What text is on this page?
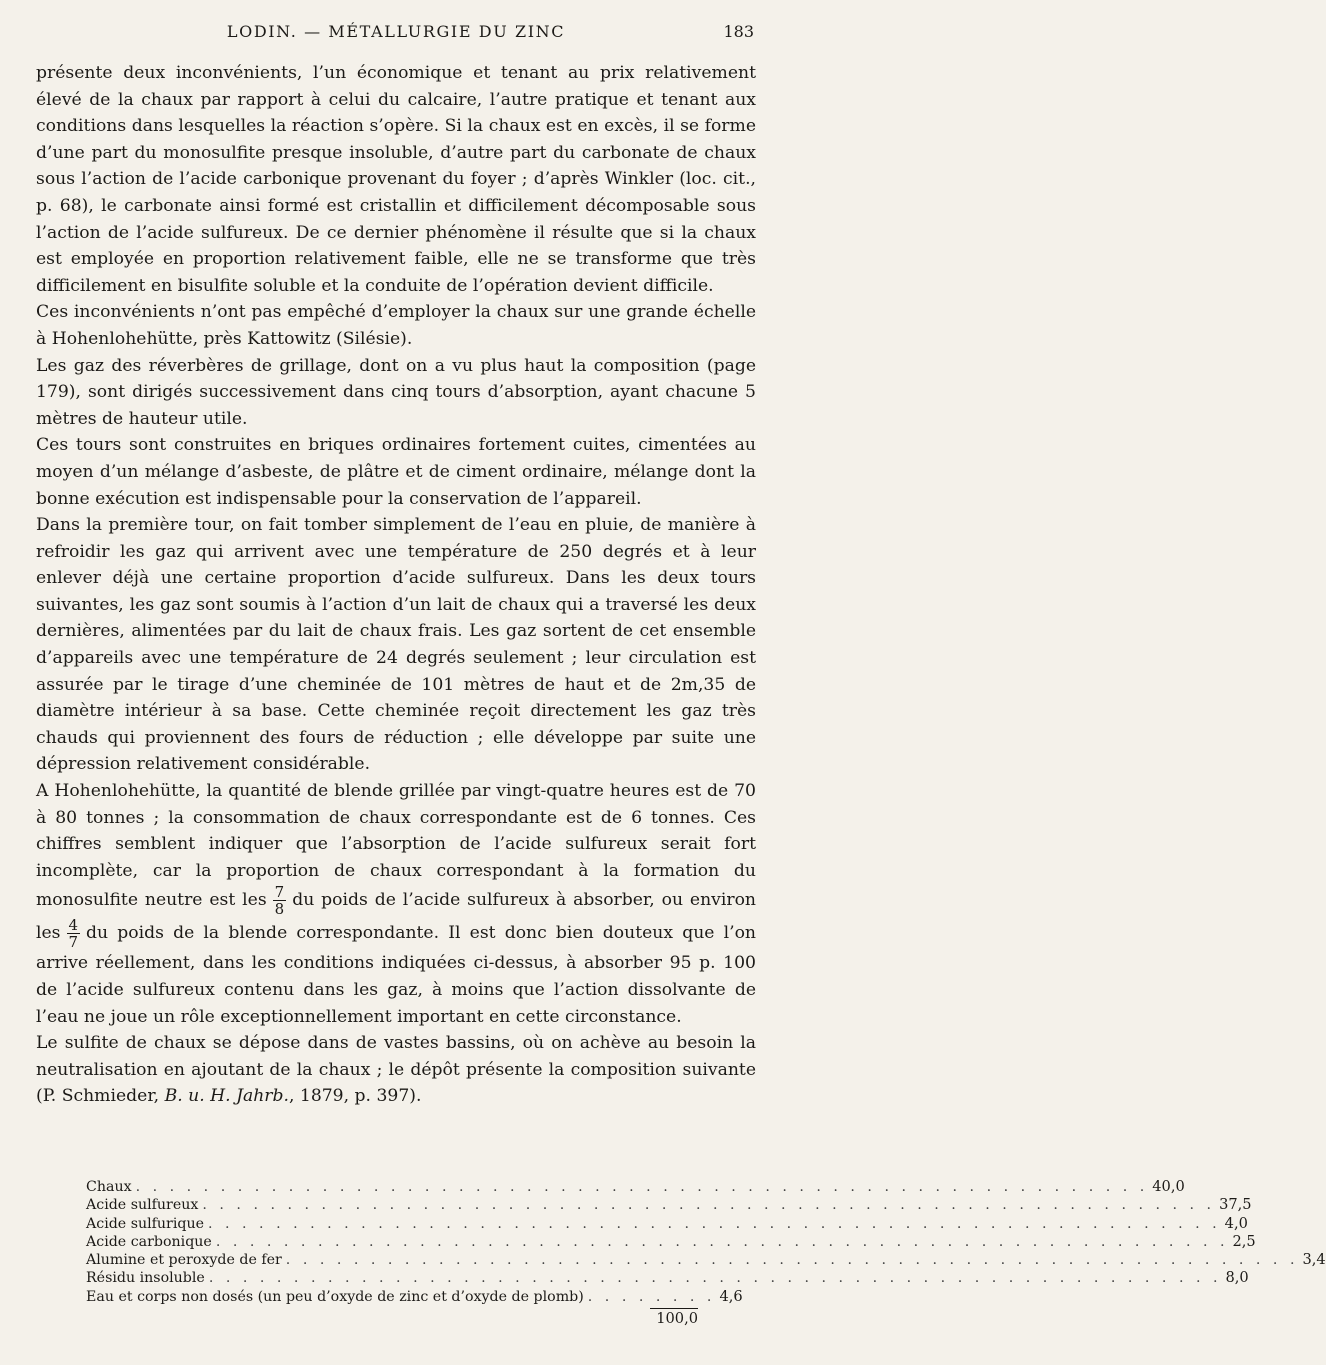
LODIN. — MÉTALLURGIE DU ZINC	183

présente deux inconvénients, l’un économique et tenant au prix relativement élevé de la chaux par rapport à celui du calcaire, l’autre pratique et tenant aux conditions dans lesquelles la réaction s’opère. Si la chaux est en excès, il se forme d’une part du monosulfite presque insoluble, d’autre part du carbonate de chaux sous l’action de l’acide carbonique provenant du foyer ; d’après Winkler (loc. cit., p. 68), le carbonate ainsi formé est cristallin et difficilement décomposable sous l’action de l’acide sulfureux. De ce dernier phénomène il résulte que si la chaux est employée en proportion relativement faible, elle ne se transforme que très difficilement en bisulfite soluble et la conduite de l’opération devient difficile.

Ces inconvénients n’ont pas empêché d’employer la chaux sur une grande échelle à Hohenlohehütte, près Kattowitz (Silésie).

Les gaz des réverbères de grillage, dont on a vu plus haut la composition (page 179), sont dirigés successivement dans cinq tours d’absorption, ayant chacune 5 mètres de hauteur utile.

Ces tours sont construites en briques ordinaires fortement cuites, cimentées au moyen d’un mélange d’asbeste, de plâtre et de ciment ordinaire, mélange dont la bonne exécution est indispensable pour la conservation de l’appareil.

Dans la première tour, on fait tomber simplement de l’eau en pluie, de manière à refroidir les gaz qui arrivent avec une température de 250 degrés et à leur enlever déjà une certaine proportion d’acide sulfureux. Dans les deux tours suivantes, les gaz sont soumis à l’action d’un lait de chaux qui a traversé les deux dernières, alimentées par du lait de chaux frais. Les gaz sortent de cet ensemble d’appareils avec une température de 24 degrés seulement ; leur circulation est assurée par le tirage d’une cheminée de 101 mètres de haut et de 2m,35 de diamètre intérieur à sa base. Cette cheminée reçoit directement les gaz très chauds qui proviennent des fours de réduction ; elle développe par suite une dépression relativement considérable.

A Hohenlohehütte, la quantité de blende grillée par vingt-quatre heures est de 70 à 80 tonnes ; la consommation de chaux correspondante est de 6 tonnes. Ces chiffres semblent indiquer que l’absorption de l’acide sulfureux serait fort incomplète, car la proportion de chaux correspondant à la formation du monosulfite neutre est les $\frac{7}{8}$ du poids de l’acide sulfureux à absorber, ou environ les $\frac{4}{7}$ du poids de la blende correspondante. Il est donc bien douteux que l’on arrive réellement, dans les conditions indiquées ci-dessus, à absorber 95 p. 100 de l’acide sulfureux contenu dans les gaz, à moins que l’action dissolvante de l’eau ne joue un rôle exceptionnellement important en cette circonstance.

Le sulfite de chaux se dépose dans de vastes bassins, où on achève au besoin la neutralisation en ajoutant de la chaux ; le dépôt présente la composition suivante (P. Schmieder, B. u. H. Jahrb., 1879, p. 397).

Chaux . . . . . . . . . . . . . . . . . . . . . . . . . . . . . . . . . . . . . . . . . . . . . . . . . . . . . . . . . . . . 40,0
Acide sulfureux . . . . . . . . . . . . . . . . . . . . . . . . . . . . . . . . . . . . . . . . . . . . . . . . . . . . . . . . . . . . 37,5
Acide sulfurique . . . . . . . . . . . . . . . . . . . . . . . . . . . . . . . . . . . . . . . . . . . . . . . . . . . . . . . . . . . . 4,0
Acide carbonique . . . . . . . . . . . . . . . . . . . . . . . . . . . . . . . . . . . . . . . . . . . . . . . . . . . . . . . . . . . . 2,5
Alumine et peroxyde de fer . . . . . . . . . . . . . . . . . . . . . . . . . . . . . . . . . . . . . . . . . . . . . . . . . . . . . . . . . . . . 3,4
Résidu insoluble . . . . . . . . . . . . . . . . . . . . . . . . . . . . . . . . . . . . . . . . . . . . . . . . . . . . . . . . . . . . 8,0
Eau et corps non dosés (un peu d’oxyde de zinc et d’oxyde de plomb) . . . . . . . . 4,6
100,0
